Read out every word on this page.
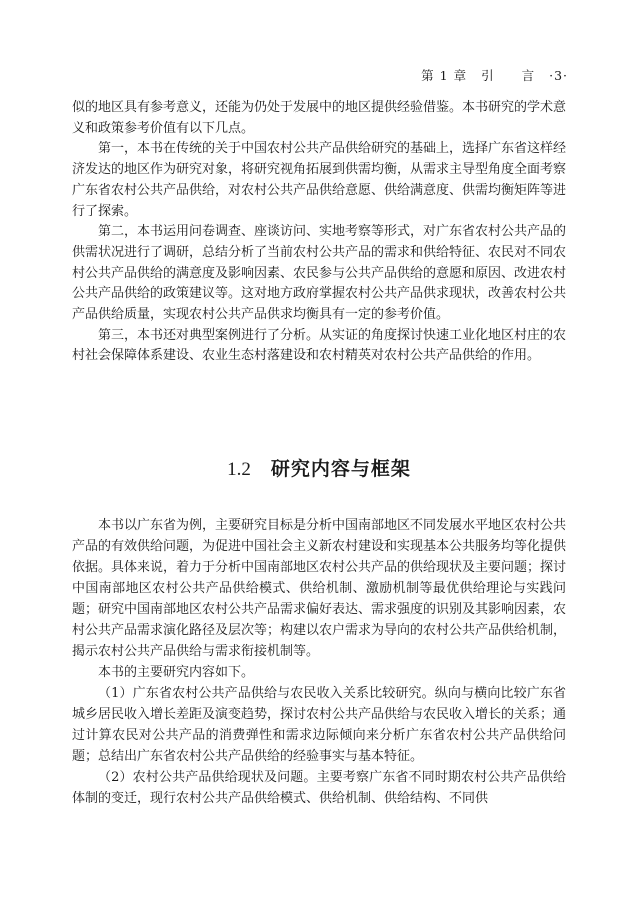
第 1 章 引　　言 ·3·

似的地区具有参考意义，还能为仍处于发展中的地区提供经验借鉴。本书研究的学术意义和政策参考价值有以下几点。

第一，本书在传统的关于中国农村公共产品供给研究的基础上，选择广东省这样经济发达的地区作为研究对象，将研究视角拓展到供需均衡，从需求主导型角度全面考察广东省农村公共产品供给，对农村公共产品供给意愿、供给满意度、供需均衡矩阵等进行了探索。

第二，本书运用问卷调查、座谈访问、实地考察等形式，对广东省农村公共产品的供需状况进行了调研，总结分析了当前农村公共产品的需求和供给特征、农民对不同农村公共产品供给的满意度及影响因素、农民参与公共产品供给的意愿和原因、改进农村公共产品供给的政策建议等。这对地方政府掌握农村公共产品供求现状，改善农村公共产品供给质量，实现农村公共产品供求均衡具有一定的参考价值。

第三，本书还对典型案例进行了分析。从实证的角度探讨快速工业化地区村庄的农村社会保障体系建设、农业生态村落建设和农村精英对农村公共产品供给的作用。

1.2 研究内容与框架

本书以广东省为例，主要研究目标是分析中国南部地区不同发展水平地区农村公共产品的有效供给问题，为促进中国社会主义新农村建设和实现基本公共服务均等化提供依据。具体来说，着力于分析中国南部地区农村公共产品的供给现状及主要问题；探讨中国南部地区农村公共产品供给模式、供给机制、激励机制等最优供给理论与实践问题；研究中国南部地区农村公共产品需求偏好表达、需求强度的识别及其影响因素，农村公共产品需求演化路径及层次等；构建以农户需求为导向的农村公共产品供给机制，揭示农村公共产品供给与需求衔接机制等。

本书的主要研究内容如下。

（1）广东省农村公共产品供给与农民收入关系比较研究。纵向与横向比较广东省城乡居民收入增长差距及演变趋势，探讨农村公共产品供给与农民收入增长的关系；通过计算农民对公共产品的消费弹性和需求边际倾向来分析广东省农村公共产品供给问题；总结出广东省农村公共产品供给的经验事实与基本特征。

（2）农村公共产品供给现状及问题。主要考察广东省不同时期农村公共产品供给体制的变迁，现行农村公共产品供给模式、供给机制、供给结构、不同供
